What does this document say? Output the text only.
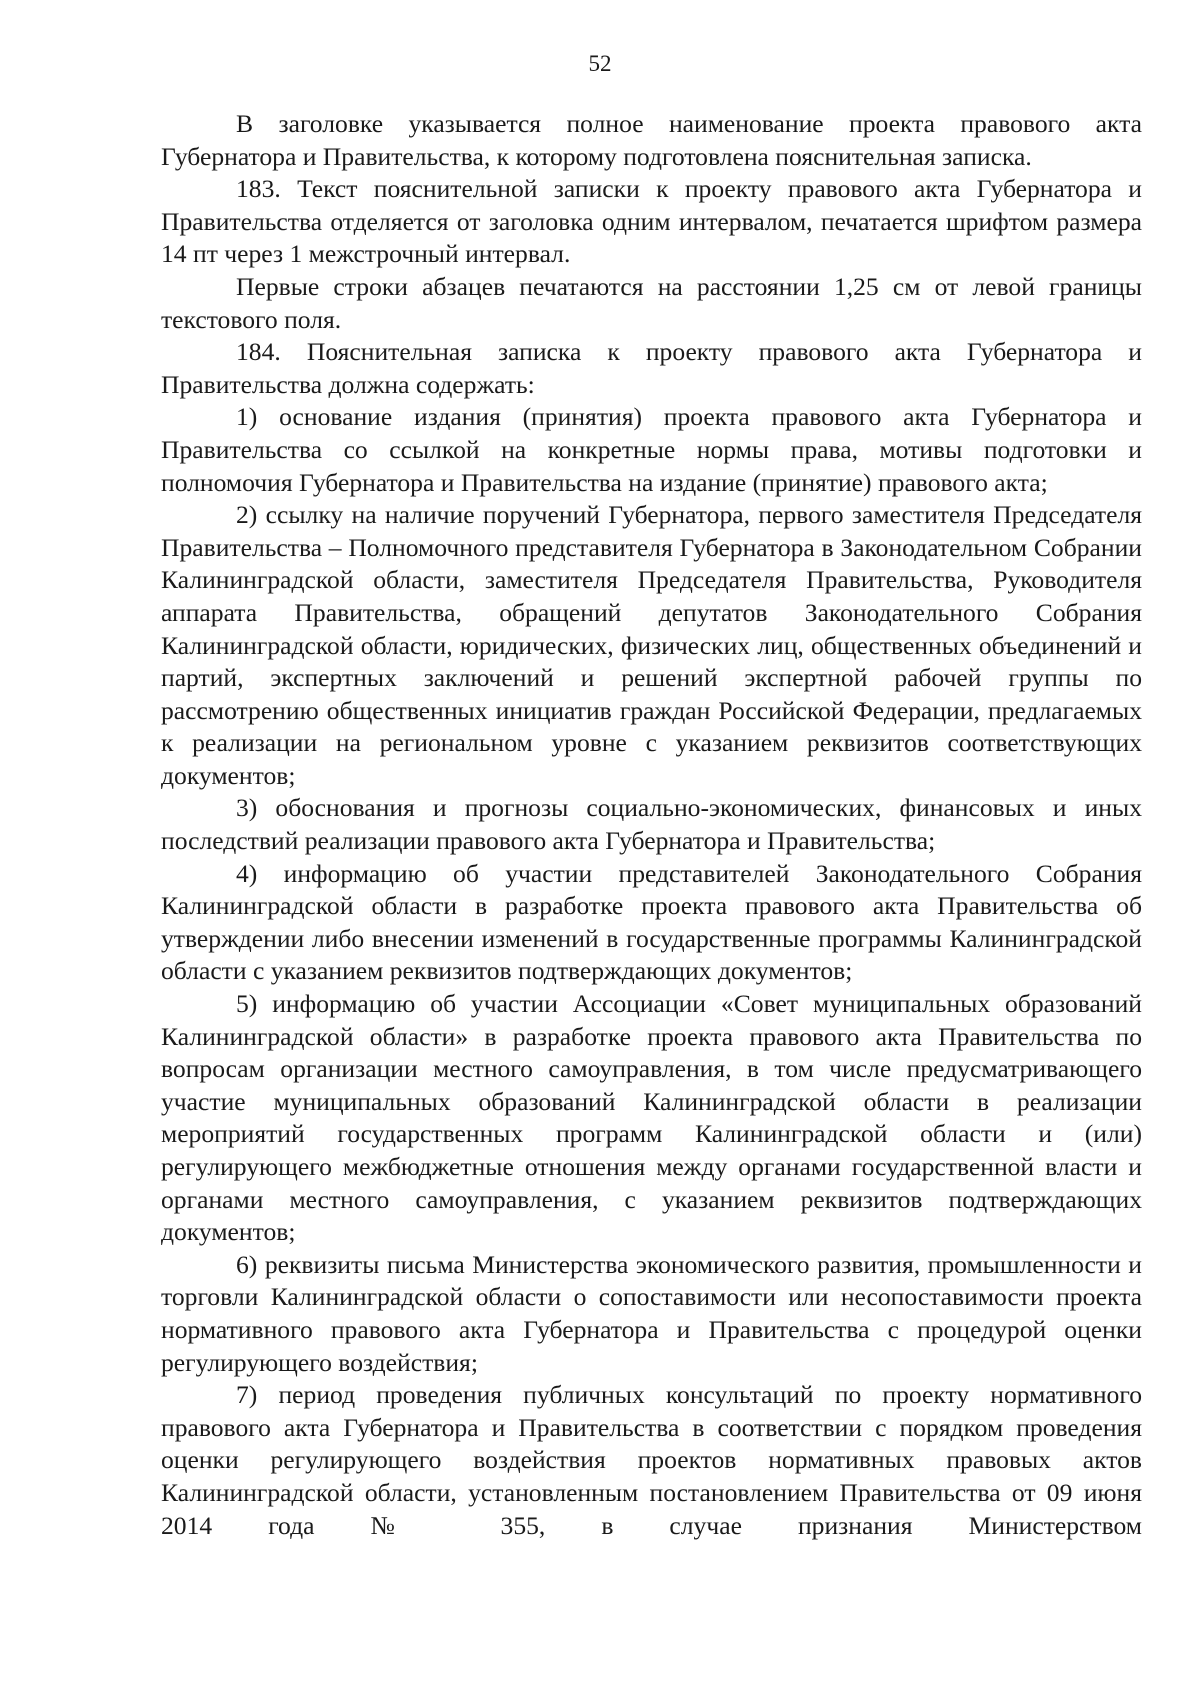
52

В заголовке указывается полное наименование проекта правового акта Губернатора и Правительства, к которому подготовлена пояснительная записка.

183. Текст пояснительной записки к проекту правового акта Губернатора и Правительства отделяется от заголовка одним интервалом, печатается шрифтом размера 14 пт через 1 межстрочный интервал.

Первые строки абзацев печатаются на расстоянии 1,25 см от левой границы текстового поля.

184. Пояснительная записка к проекту правового акта Губернатора и Правительства должна содержать:

1) основание издания (принятия) проекта правового акта Губернатора и Правительства со ссылкой на конкретные нормы права, мотивы подготовки и полномочия Губернатора и Правительства на издание (принятие) правового акта;

2) ссылку на наличие поручений Губернатора, первого заместителя Председателя Правительства – Полномочного представителя Губернатора в Законодательном Собрании Калининградской области, заместителя Председателя Правительства, Руководителя аппарата Правительства, обращений депутатов Законодательного Собрания Калининградской области, юридических, физических лиц, общественных объединений и партий, экспертных заключений и решений экспертной рабочей группы по рассмотрению общественных инициатив граждан Российской Федерации, предлагаемых к реализации на региональном уровне с указанием реквизитов соответствующих документов;

3) обоснования и прогнозы социально-экономических, финансовых и иных последствий реализации правового акта Губернатора и Правительства;

4) информацию об участии представителей Законодательного Собрания Калининградской области в разработке проекта правового акта Правительства об утверждении либо внесении изменений в государственные программы Калининградской области с указанием реквизитов подтверждающих документов;

5) информацию об участии Ассоциации «Совет муниципальных образований Калининградской области» в разработке проекта правового акта Правительства по вопросам организации местного самоуправления, в том числе предусматривающего участие муниципальных образований Калининградской области в реализации мероприятий государственных программ Калининградской области и (или) регулирующего межбюджетные отношения между органами государственной власти и органами местного самоуправления, с указанием реквизитов подтверждающих документов;

6) реквизиты письма Министерства экономического развития, промышленности и торговли Калининградской области о сопоставимости или несопоставимости проекта нормативного правового акта Губернатора и Правительства с процедурой оценки регулирующего воздействия;

7) период проведения публичных консультаций по проекту нормативного правового акта Губернатора и Правительства в соответствии с порядком проведения оценки регулирующего воздействия проектов нормативных правовых актов Калининградской области, установленным постановлением Правительства от 09 июня 2014 года № 355, в случае признания Министерством
